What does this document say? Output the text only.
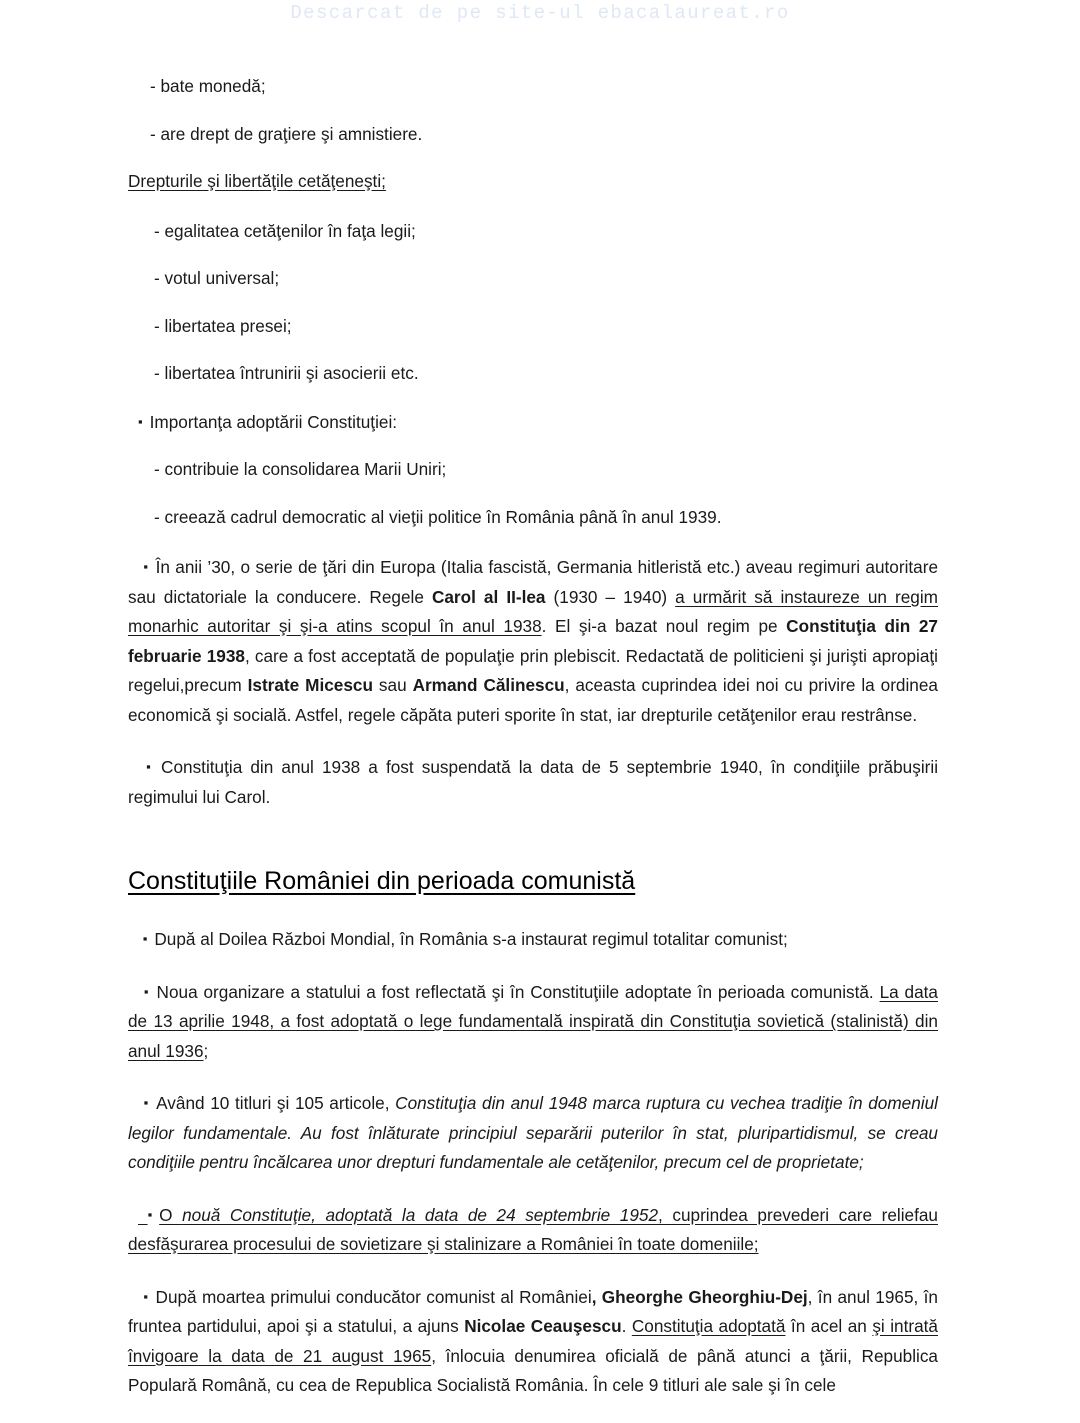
Descarcat de pe site-ul ebacalaureat.ro

- bate monedă;

- are drept de graţiere şi amnistiere.

Drepturile şi libertăţile cetăţeneşti;

- egalitatea cetăţenilor în faţa legii;

- votul universal;

- libertatea presei;

- libertatea întrunirii şi asocierii etc.

▪ Importanţa adoptării Constituţiei:

- contribuie la consolidarea Marii Uniri;

- creează cadrul democratic al vieţii politice în România până în anul 1939.

▪ În anii ’30, o serie de ţări din Europa (Italia fascistă, Germania hitleristă etc.) aveau regimuri autoritare sau dictatoriale la conducere. Regele Carol al II-lea (1930 – 1940) a urmărit să instaureze un regim monarhic autoritar şi şi-a atins scopul în anul 1938. El şi-a bazat noul regim pe Constituţia din 27 februarie 1938, care a fost acceptată de populaţie prin plebiscit. Redactată de politicieni şi jurişti apropiaţi regelui,precum Istrate Micescu sau Armand Călinescu, aceasta cuprindea idei noi cu privire la ordinea economică şi socială. Astfel, regele căpăta puteri sporite în stat, iar drepturile cetăţenilor erau restrânse.

▪ Constituţia din anul 1938 a fost suspendată la data de 5 septembrie 1940, în condiţiile prăbuşirii regimului lui Carol.

Constituţiile României din perioada comunistă

▪ După al Doilea Război Mondial, în România s-a instaurat regimul totalitar comunist;

▪ Noua organizare a statului a fost reflectată şi în Constituţiile adoptate în perioada comunistă. La data de 13 aprilie 1948, a fost adoptată o lege fundamentală inspirată din Constituţia sovietică (stalinistă) din anul 1936;

▪ Având 10 titluri şi 105 articole, Constituţia din anul 1948 marca ruptura cu vechea tradiţie în domeniul legilor fundamentale. Au fost înlăturate principiul separării puterilor în stat, pluripartidismul, se creau condiţiile pentru încălcarea unor drepturi fundamentale ale cetăţenilor, precum cel de proprietate;

▪O nouă Constituţie, adoptată la data de 24 septembrie 1952, cuprindea prevederi care reliefau desfăşurarea procesului de sovietizare şi stalinizare a României în toate domeniile;

▪ După moartea primului conducător comunist al României, Gheorghe Gheorghiu-Dej, în anul 1965, în fruntea partidului, apoi şi a statului, a ajuns Nicolae Ceauşescu. Constituţia adoptată în acel an şi intrată învigoare la data de 21 august 1965, înlocuia denumirea oficială de până atunci a ţării, Republica Populară Română, cu cea de Republica Socialistă România. În cele 9 titluri ale sale şi în cele
